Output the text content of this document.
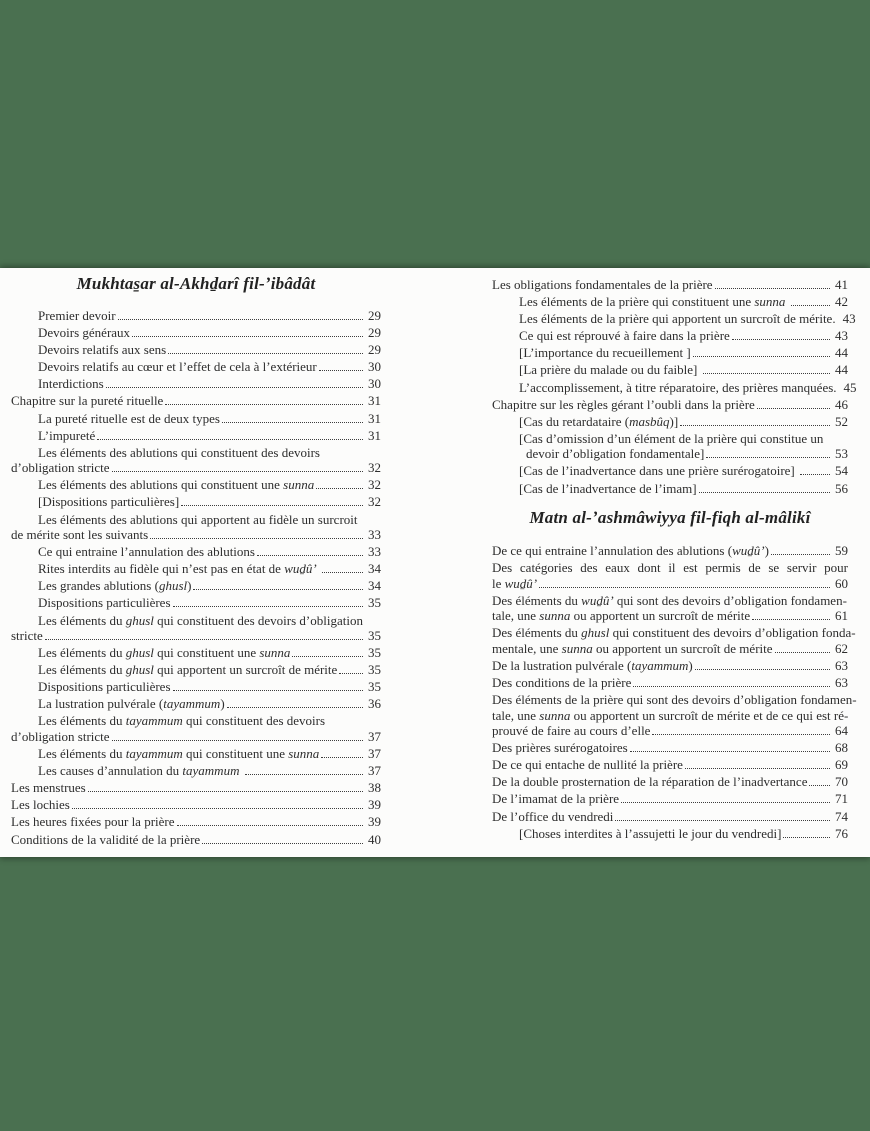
Mukhtas̱ar al-Akhḏarî fil-ʼibâdât
Premier devoir	29
Devoirs généraux	29
Devoirs relatifs aux sens	29
Devoirs relatifs au cœur et l’effet de cela à l’extérieur	30
Interdictions	30
Chapitre sur la pureté rituelle	31
La pureté rituelle est de deux types	31
L’impureté	31
Les éléments des ablutions qui constituent des devoirs
d’obligation stricte	32
Les éléments des ablutions qui constituent une sunna	32
[Dispositions particulières]	32
Les éléments des ablutions qui apportent au fidèle un surcroit
de mérite sont les suivants	33
Ce qui entraine l’annulation des ablutions	33
Rites interdits au fidèle qui n’est pas en état de wuḏû’	34
Les grandes ablutions (ghusl)	34
Dispositions particulières	35
Les éléments du ghusl qui constituent des devoirs d’obligation
stricte	35
Les éléments du ghusl qui constituent une sunna	35
Les éléments du ghusl qui apportent un surcroît de mérite 35
Dispositions particulières	35
La lustration pulvérale (tayammum)	36
Les éléments du tayammum qui constituent des devoirs
d’obligation stricte	37
Les éléments du tayammum qui constituent une sunna	37
Les causes d’annulation du tayammum	37
Les menstrues	38
Les lochies	39
Les heures fixées pour la prière	39
Conditions de la validité de la prière	40
Les obligations fondamentales de la prière	41
Les éléments de la prière qui constituent une sunna	42
Les éléments de la prière qui apportent un surcroît de mérite. 43
Ce qui est réprouvé à faire dans la prière	43
[L’importance du recueillement ]	44
[La prière du malade ou du faible]	44
L’accomplissement, à titre réparatoire, des prières manquées. 45
Chapitre sur les règles gérant l’oubli dans la prière	46
[Cas du retardataire (masbûq)]	52
[Cas d’omission d’un élément de la prière qui constitue un
devoir d’obligation fondamentale]	53
[Cas de l’inadvertance dans une prière surérogatoire]	54
[Cas de l’inadvertance de l’imam]	56
Matn al-ʼashmâwiyya fil-fiqh al-mâlikî
De ce qui entraine l’annulation des ablutions (wuḏû’)	59
Des catégories des eaux dont il est permis de se servir pour
le wuḏû’	60
Des éléments du wuḏû’ qui sont des devoirs d’obligation fondamen-
tale, une sunna ou apportent un surcroît de mérite	61
Des éléments du ghusl qui constituent des devoirs d’obligation fonda-
mentale, une sunna ou apportent un surcroît de mérite	62
De la lustration pulvérale (tayammum)	63
Des conditions de la prière	63
Des éléments de la prière qui sont des devoirs d’obligation fondamen-
tale, une sunna ou apportent un surcroît de mérite et de ce qui est ré-
prouvé de faire au cours d’elle	64
Des prières surérogatoires	68
De ce qui entache de nullité la prière	69
De la double prosternation de la réparation de l’inadvertance 70
De l’imamat de la prière	71
De l’office du vendredi	74
[Choses interdites à l’assujetti le jour du vendredi]	76
